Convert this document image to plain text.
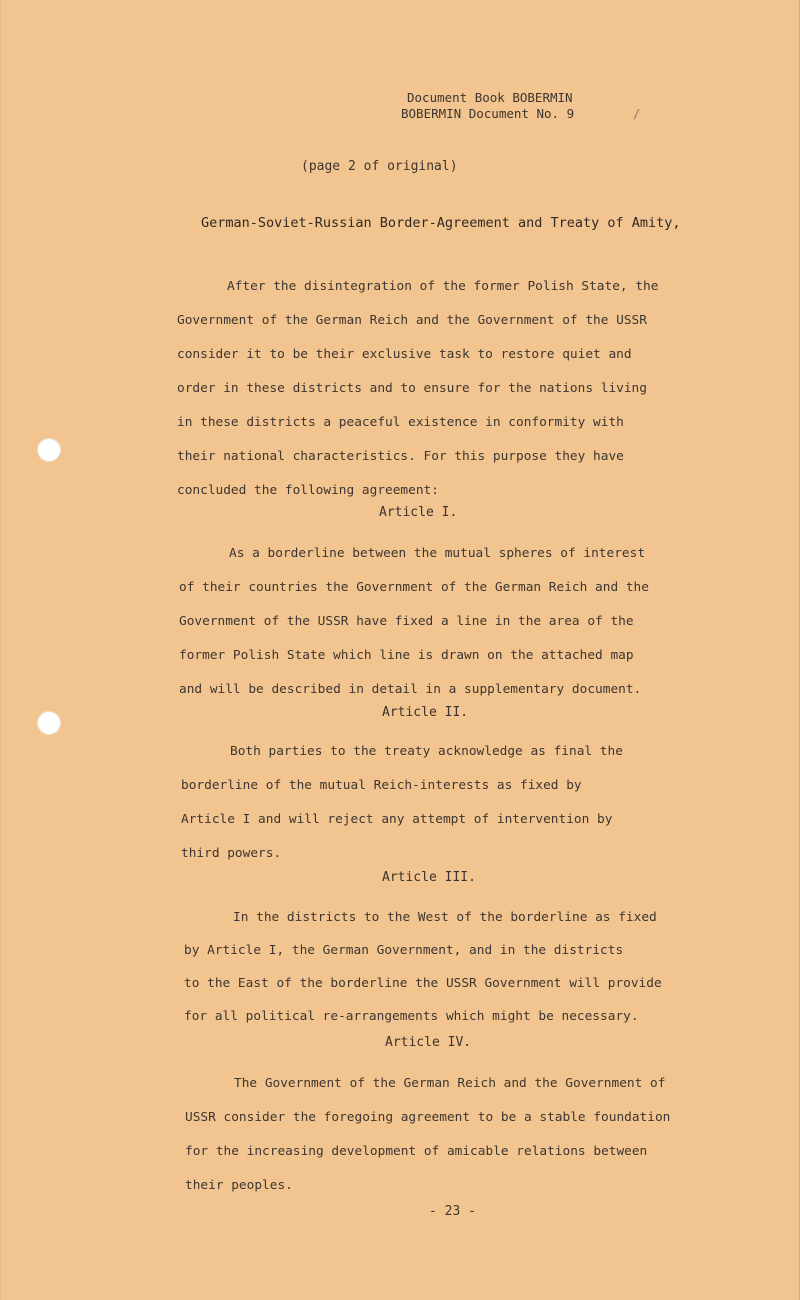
Document Book BOBERMIN
BOBERMIN Document No. 9	/
(page 2 of original)
German-Soviet-Russian Border-Agreement and Treaty of Amity,
After the disintegration of the former Polish State, the
Government of the German Reich and the Government of the USSR
consider it to be their exclusive task to restore quiet and
order in these districts and to ensure for the nations living
in these districts a peaceful existence in conformity with
their national characteristics. For this purpose they have
concluded the following agreement:
Article I.
As a borderline between the mutual spheres of interest
of their countries the Government of the German Reich and the
Government of the USSR have fixed a line in the area of the
former Polish State which line is drawn on the attached map
and will be described in detail in a supplementary document.
Article II.
Both parties to the treaty acknowledge as final the
borderline of the mutual Reich-interests as fixed by
Article I and will reject any attempt of intervention by
third powers.
Article III.
In the districts to the West of the borderline as fixed
by Article I, the German Government, and in the districts
to the East of the borderline the USSR Government will provide
for all political re-arrangements which might be necessary.
Article IV.
The Government of the German Reich and the Government of
USSR consider the foregoing agreement to be a stable foundation
for the increasing development of amicable relations between
their peoples.
- 23 -
